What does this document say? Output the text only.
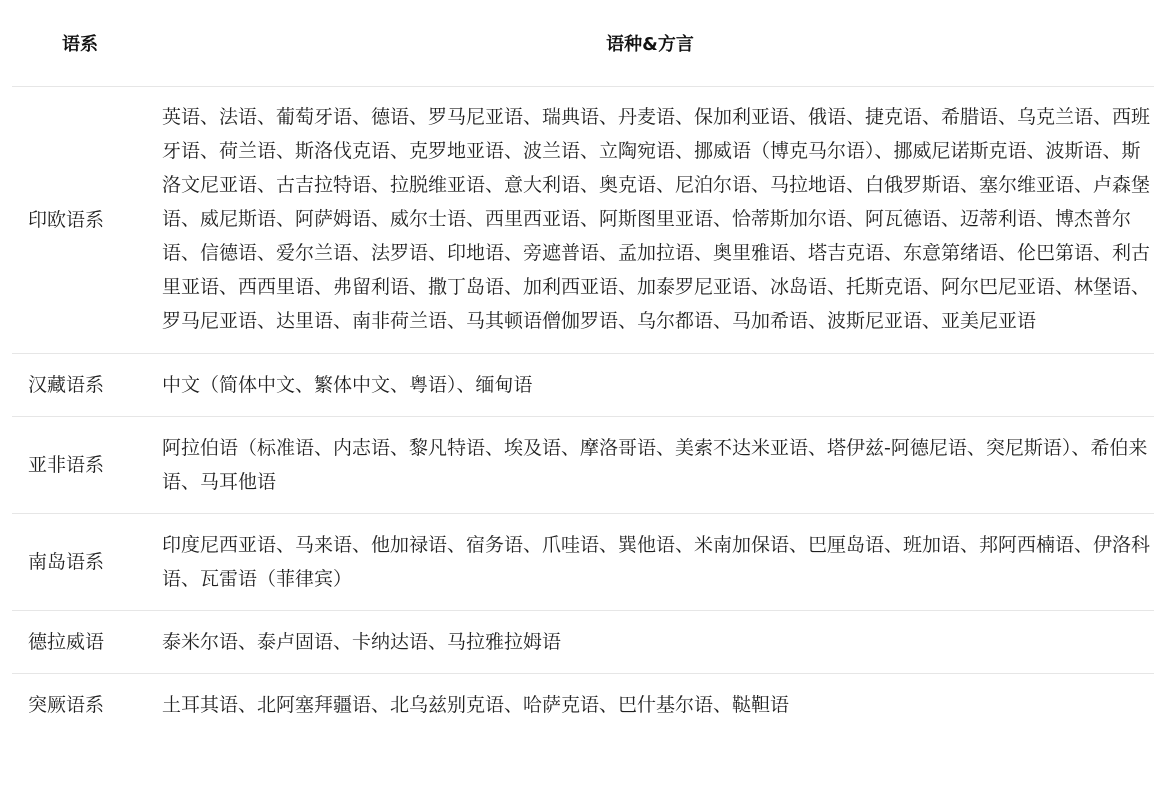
语系	语种&方言
印欧语系	英语、法语、葡萄牙语、德语、罗马尼亚语、瑞典语、丹麦语、保加利亚语、俄语、捷克语、希腊语、乌克兰语、西班牙语、荷兰语、斯洛伐克语、克罗地亚语、波兰语、立陶宛语、挪威语（博克马尔语）、挪威尼诺斯克语、波斯语、斯洛文尼亚语、古吉拉特语、拉脱维亚语、意大利语、奥克语、尼泊尔语、马拉地语、白俄罗斯语、塞尔维亚语、卢森堡语、威尼斯语、阿萨姆语、威尔士语、西里西亚语、阿斯图里亚语、恰蒂斯加尔语、阿瓦德语、迈蒂利语、博杰普尔语、信德语、爱尔兰语、法罗语、印地语、旁遮普语、孟加拉语、奥里雅语、塔吉克语、东意第绪语、伦巴第语、利古里亚语、西西里语、弗留利语、撒丁岛语、加利西亚语、加泰罗尼亚语、冰岛语、托斯克语、阿尔巴尼亚语、林堡语、罗马尼亚语、达里语、南非荷兰语、马其顿语僧伽罗语、乌尔都语、马加希语、波斯尼亚语、亚美尼亚语
汉藏语系	中文（简体中文、繁体中文、粤语）、缅甸语
亚非语系	阿拉伯语（标准语、内志语、黎凡特语、埃及语、摩洛哥语、美索不达米亚语、塔伊兹-阿德尼语、突尼斯语）、希伯来语、马耳他语
南岛语系	印度尼西亚语、马来语、他加禄语、宿务语、爪哇语、巽他语、米南加保语、巴厘岛语、班加语、邦阿西楠语、伊洛科语、瓦雷语（菲律宾）
德拉威语	泰米尔语、泰卢固语、卡纳达语、马拉雅拉姆语
突厥语系	土耳其语、北阿塞拜疆语、北乌兹别克语、哈萨克语、巴什基尔语、鞑靼语
